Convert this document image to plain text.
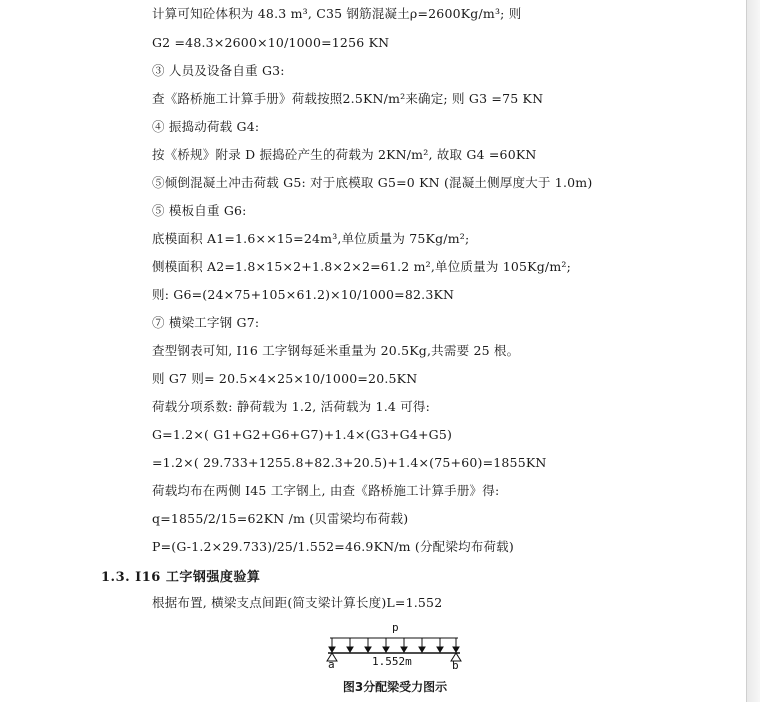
计算可知砼体积为 48.3 m³, C35 钢筋混凝土ρ=2600Kg/m³; 则
G2 =48.3×2600×10/1000=1256 KN
③ 人员及设备自重 G3:
查《路桥施工计算手册》荷载按照2.5KN/m²来确定; 则 G3 =75 KN
④ 振捣动荷载 G4:
按《桥规》附录 D 振捣砼产生的荷载为 2KN/m², 故取 G4 =60KN
⑤倾倒混凝土冲击荷载 G5: 对于底模取 G5=0 KN (混凝土侧厚度大于 1.0m)
⑤ 模板自重 G6:
底模面积 A1=1.6××15=24m³,单位质量为 75Kg/m²;
侧模面积 A2=1.8×15×2+1.8×2×2=61.2 m²,单位质量为 105Kg/m²;
则: G6=(24×75+105×61.2)×10/1000=82.3KN
⑦ 横梁工字钢 G7:
查型钢表可知, I16 工字钢每延米重量为 20.5Kg,共需要 25 根。
则 G7 则= 20.5×4×25×10/1000=20.5KN
荷载分项系数: 静荷载为 1.2, 活荷载为 1.4 可得:
G=1.2×( G1+G2+G6+G7)+1.4×(G3+G4+G5)
=1.2×( 29.733+1255.8+82.3+20.5)+1.4×(75+60)=1855KN
荷载均布在两侧 I45 工字钢上, 由查《路桥施工计算手册》得:
q=1855/2/15=62KN /m (贝雷梁均布荷载)
P=(G-1.2×29.733)/25/1.552=46.9KN/m (分配梁均布荷载)
1.3. I16 工字钢强度验算
根据布置, 横梁支点间距(简支梁计算长度)L=1.552
p
a	b
1.552m
图3分配梁受力图示
